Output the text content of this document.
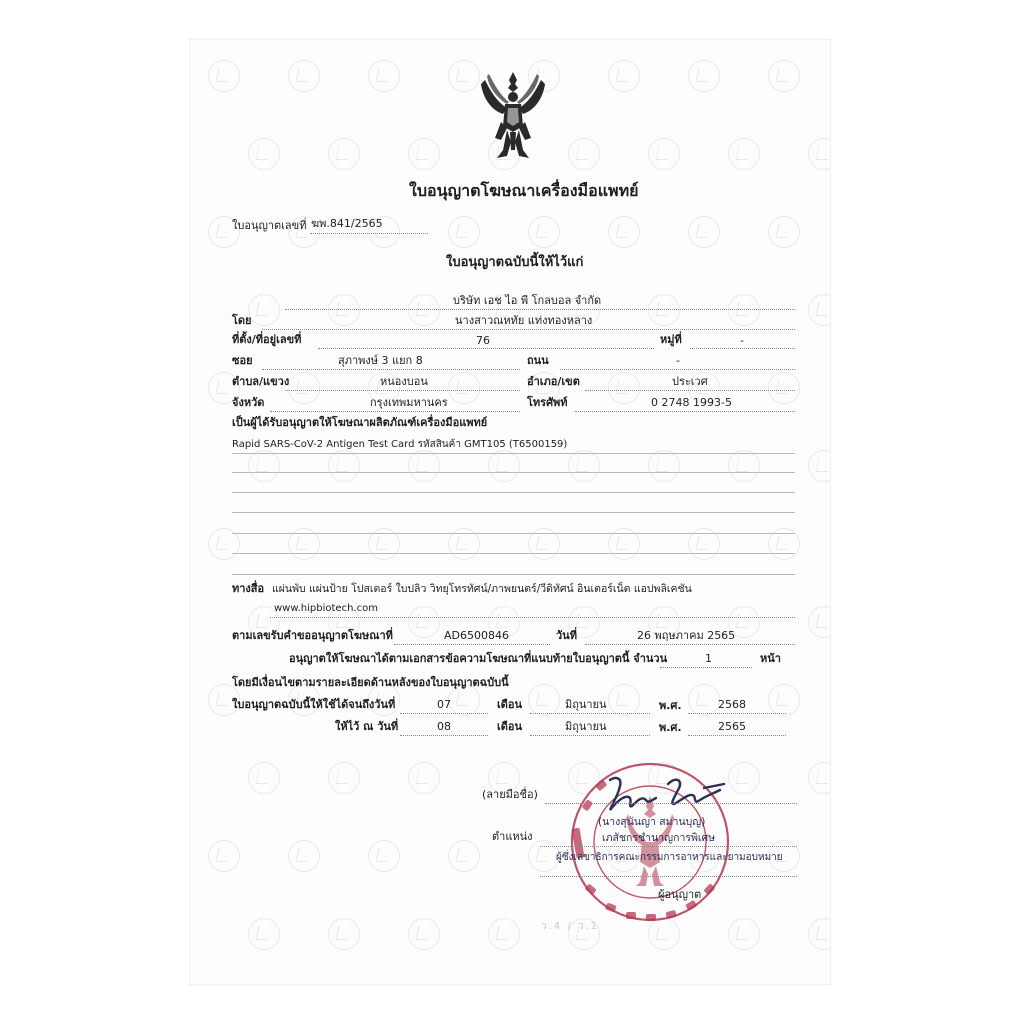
ใบอนุญาตโฆษณาเครื่องมือแพทย์
ใบอนุญาตเลขที่ ฆพ.841/2565
ใบอนุญาตฉบับนี้ให้ไว้แก่
บริษัท เอช ไอ พี โกลบอล จำกัด
โดย	นางสาวณหทัย แท่งทองหลาง
ที่ตั้ง/ที่อยู่เลขที่	76	หมู่ที่	-
ซอย	สุภาพงษ์ 3 แยก 8	ถนน	-
ตำบล/แขวง	หนองบอน	อำเภอ/เขต	ประเวศ
จังหวัด	กรุงเทพมหานคร	โทรศัพท์	0 2748 1993-5
เป็นผู้ได้รับอนุญาตให้โฆษณาผลิตภัณฑ์เครื่องมือแพทย์
Rapid SARS-CoV-2 Antigen Test Card รหัสสินค้า GMT105 (T6500159)
ทางสื่อ แผ่นพับ แผ่นป้าย โปสเตอร์ ใบปลิว วิทยุโทรทัศน์/ภาพยนตร์/วีดิทัศน์ อินเตอร์เน็ต แอปพลิเคชัน
www.hipbiotech.com
ตามเลขรับคำขออนุญาตโฆษณาที่	AD6500846	วันที่	26 พฤษภาคม 2565
อนุญาตให้โฆษณาได้ตามเอกสารข้อความโฆษณาที่แนบท้ายใบอนุญาตนี้ จำนวน	1	หน้า
โดยมีเงื่อนไขตามรายละเอียดด้านหลังของใบอนุญาตฉบับนี้
ใบอนุญาตฉบับนี้ให้ใช้ได้จนถึงวันที่	07	เดือน	มิถุนายน	พ.ศ.	2568
ให้ไว้ ณ วันที่	08	เดือน	มิถุนายน	พ.ศ.	2565
(ลายมือชื่อ)
(นางสุนันญา สมานบุญ)
ตำแหน่ง	เภสัชกรชำนาญการพิเศษ
ผู้ซึ่งเลขาธิการคณะกรรมการอาหารและยามอบหมาย
ผู้อนุญาต
ว.4 / ว.1
